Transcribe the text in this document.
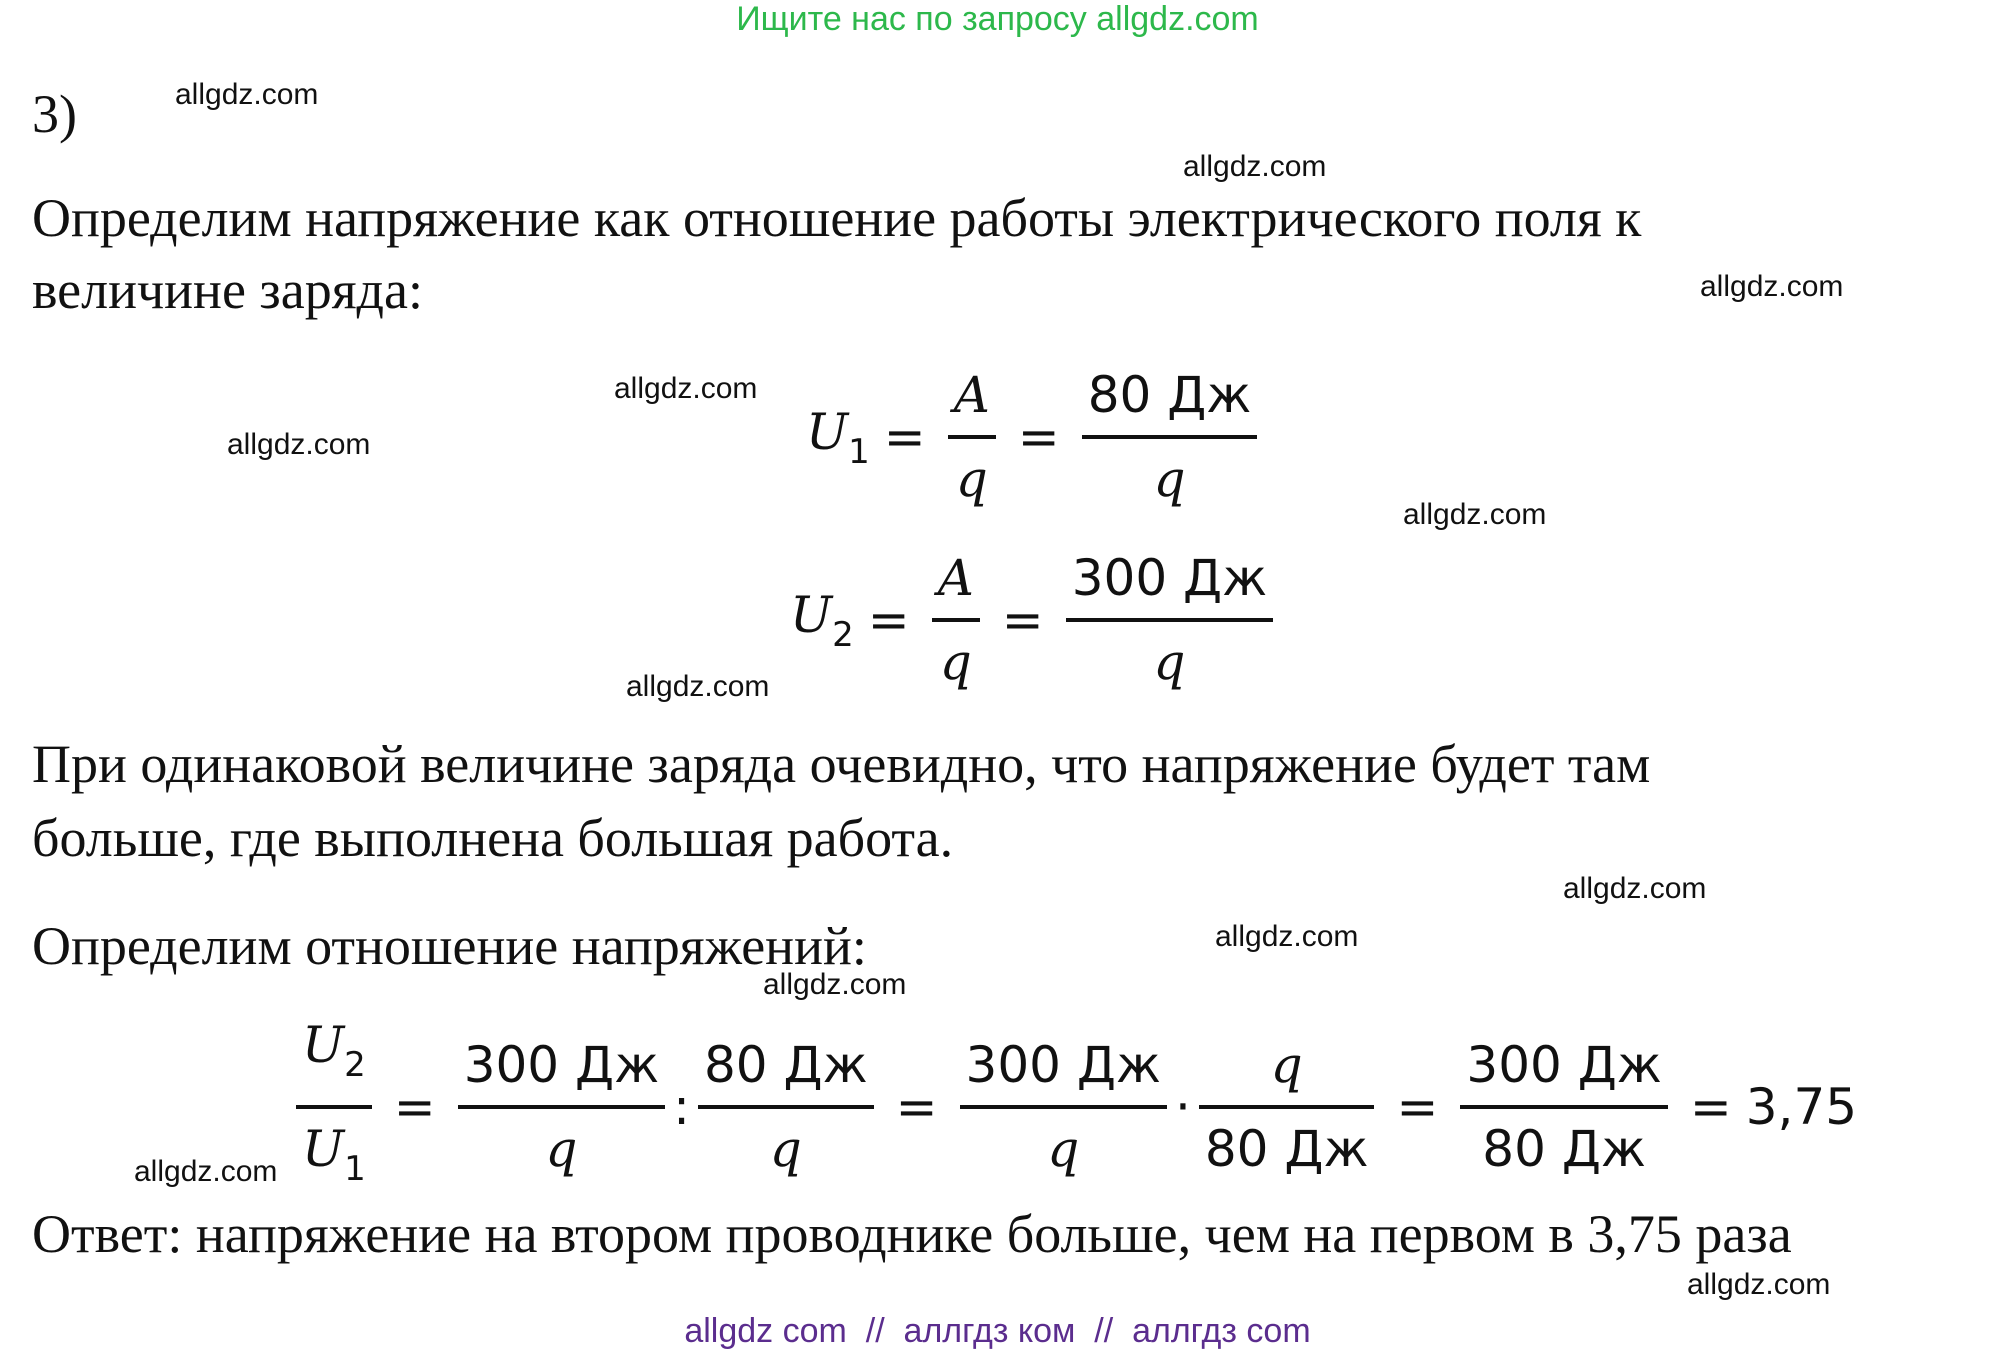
Ищите нас по запросу allgdz.com
3)
Определим напряжение как отношение работы электрического поля к
величине заряда:
$U_1 = \frac{A}{q} = \frac{80 Дж}{q}$
$U_2 = \frac{A}{q} = \frac{300 Дж}{q}$
При одинаковой величине заряда очевидно, что напряжение будет там
больше, где выполнена большая работа.
Определим отношение напряжений:
$\frac{U_2}{U_1} = \frac{300 Дж}{q}$ : $\frac{80 Дж}{q} = \frac{300 Дж}{q} \cdot \frac{q}{80 Дж} = \frac{300 Дж}{80 Дж} = 3,75$
Ответ: напряжение на втором проводнике больше, чем на первом в 3,75 раза
allgdz.com
allgdz.com
allgdz.com
allgdz.com
allgdz.com
allgdz.com
allgdz.com
allgdz.com
allgdz.com
allgdz.com
allgdz.com
allgdz.com
allgdz com  //  аллгдз ком  //  аллгдз com
